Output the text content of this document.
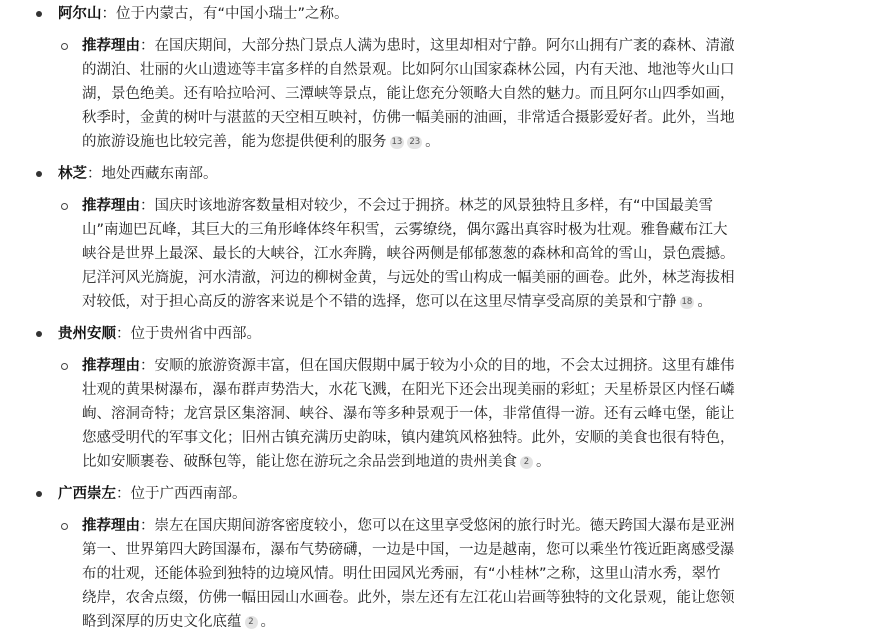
阿尔山：位于内蒙古，有“中国小瑞士”之称。
推荐理由：在国庆期间，大部分热门景点人满为患时，这里却相对宁静。阿尔山拥有广袤的森林、清澈
的湖泊、壮丽的火山遗迹等丰富多样的自然景观。比如阿尔山国家森林公园，内有天池、地池等火山口
湖，景色绝美。还有哈拉哈河、三潭峡等景点，能让您充分领略大自然的魅力。而且阿尔山四季如画，
秋季时，金黄的树叶与湛蓝的天空相互映衬，仿佛一幅美丽的油画，非常适合摄影爱好者。此外，当地
的旅游设施也比较完善，能为您提供便利的服务 13 23 。
林芝：地处西藏东南部。
推荐理由：国庆时该地游客数量相对较少，不会过于拥挤。林芝的风景独特且多样，有“中国最美雪
山”南迦巴瓦峰，其巨大的三角形峰体终年积雪，云雾缭绕，偶尔露出真容时极为壮观。雅鲁藏布江大
峡谷是世界上最深、最长的大峡谷，江水奔腾，峡谷两侧是郁郁葱葱的森林和高耸的雪山，景色震撼。
尼洋河风光旖旎，河水清澈，河边的柳树金黄，与远处的雪山构成一幅美丽的画卷。此外，林芝海拔相
对较低，对于担心高反的游客来说是个不错的选择，您可以在这里尽情享受高原的美景和宁静 18 。
贵州安顺：位于贵州省中西部。
推荐理由：安顺的旅游资源丰富，但在国庆假期中属于较为小众的目的地，不会太过拥挤。这里有雄伟
壮观的黄果树瀑布，瀑布群声势浩大，水花飞溅，在阳光下还会出现美丽的彩虹；天星桥景区内怪石嶙
峋、溶洞奇特；龙宫景区集溶洞、峡谷、瀑布等多种景观于一体，非常值得一游。还有云峰屯堡，能让
您感受明代的军事文化；旧州古镇充满历史韵味，镇内建筑风格独特。此外，安顺的美食也很有特色，
比如安顺裹卷、破酥包等，能让您在游玩之余品尝到地道的贵州美食 2 。
广西崇左：位于广西西南部。
推荐理由：崇左在国庆期间游客密度较小，您可以在这里享受悠闲的旅行时光。德天跨国大瀑布是亚洲
第一、世界第四大跨国瀑布，瀑布气势磅礴，一边是中国，一边是越南，您可以乘坐竹筏近距离感受瀑
布的壮观，还能体验到独特的边境风情。明仕田园风光秀丽，有“小桂林”之称，这里山清水秀，翠竹
绕岸，农舍点缀，仿佛一幅田园山水画卷。此外，崇左还有左江花山岩画等独特的文化景观，能让您领
略到深厚的历史文化底蕴 2 。
